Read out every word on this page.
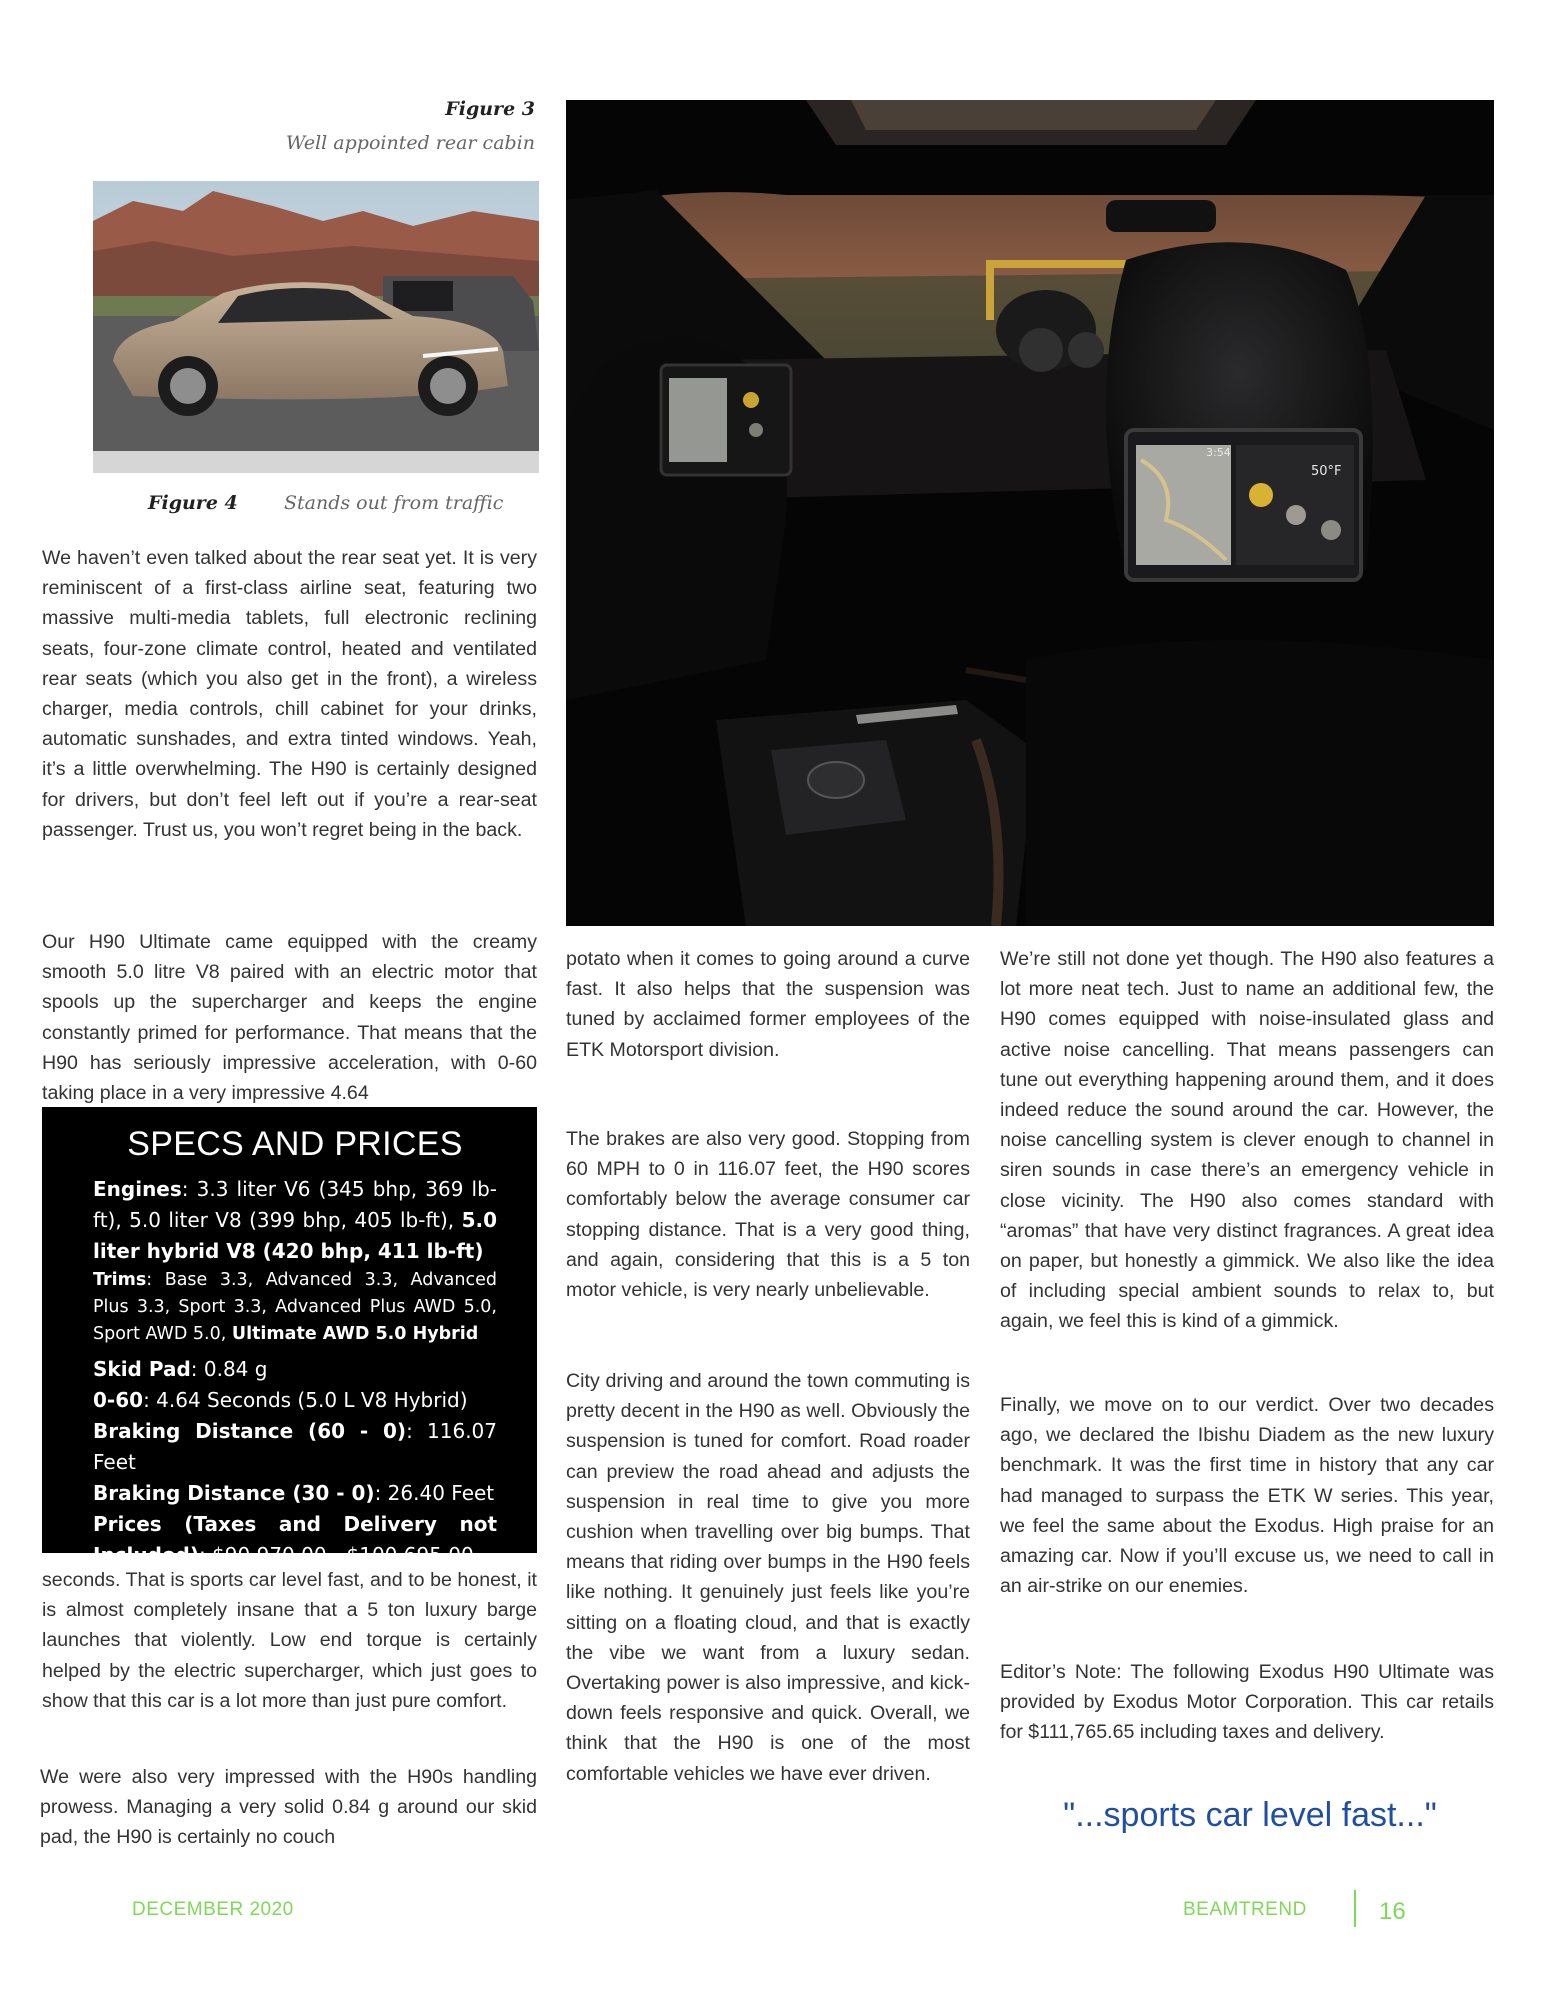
Figure 3
Well appointed rear cabin
50°F
3:54
Figure 4 Stands out from traffic

We haven’t even talked about the rear seat yet. It is very reminiscent of a first-class airline seat, featuring two massive multi-media tablets, full electronic reclining seats, four-zone climate control, heated and ventilated rear seats (which you also get in the front), a wireless charger, media controls, chill cabinet for your drinks, automatic sunshades, and extra tinted windows. Yeah, it’s a little overwhelming. The H90 is certainly designed for drivers, but don’t feel left out if you’re a rear-seat passenger. Trust us, you won’t regret being in the back.

Our H90 Ultimate came equipped with the creamy smooth 5.0 litre V8 paired with an electric motor that spools up the supercharger and keeps the engine constantly primed for performance. That means that the H90 has seriously impressive acceleration, with 0-60 taking place in a very impressive 4.64

SPECS AND PRICES
Engines: 3.3 liter V6 (345 bhp, 369 lb-ft), 5.0 liter V8 (399 bhp, 405 lb-ft), 5.0 liter hybrid V8 (420 bhp, 411 lb-ft)
Trims: Base 3.3, Advanced 3.3, Advanced Plus 3.3, Sport 3.3, Advanced Plus AWD 5.0, Sport AWD 5.0, Ultimate AWD 5.0 Hybrid
Skid Pad: 0.84 g
0-60: 4.64 Seconds (5.0 L V8 Hybrid)
Braking Distance (60 - 0): 116.07 Feet
Braking Distance (30 - 0): 26.40 Feet
Prices (Taxes and Delivery not Included): $90,970.00 - $100,695.00

seconds. That is sports car level fast, and to be honest, it is almost completely insane that a 5 ton luxury barge launches that violently. Low end torque is certainly helped by the electric supercharger, which just goes to show that this car is a lot more than just pure comfort.

We were also very impressed with the H90s handling prowess. Managing a very solid 0.84 g around our skid pad, the H90 is certainly no couch

potato when it comes to going around a curve fast. It also helps that the suspension was tuned by acclaimed former employees of the ETK Motorsport division.

The brakes are also very good. Stopping from 60 MPH to 0 in 116.07 feet, the H90 scores comfortably below the average consumer car stopping distance. That is a very good thing, and again, considering that this is a 5 ton motor vehicle, is very nearly unbelievable.

City driving and around the town commuting is pretty decent in the H90 as well. Obviously the suspension is tuned for comfort. Road roader can preview the road ahead and adjusts the suspension in real time to give you more cushion when travelling over big bumps. That means that riding over bumps in the H90 feels like nothing. It genuinely just feels like you’re sitting on a floating cloud, and that is exactly the vibe we want from a luxury sedan. Overtaking power is also impressive, and kick-down feels responsive and quick. Overall, we think that the H90 is one of the most comfortable vehicles we have ever driven.

We’re still not done yet though. The H90 also features a lot more neat tech. Just to name an additional few, the H90 comes equipped with noise-insulated glass and active noise cancelling. That means passengers can tune out everything happening around them, and it does indeed reduce the sound around the car. However, the noise cancelling system is clever enough to channel in siren sounds in case there’s an emergency vehicle in close vicinity. The H90 also comes standard with “aromas” that have very distinct fragrances. A great idea on paper, but honestly a gimmick. We also like the idea of including special ambient sounds to relax to, but again, we feel this is kind of a gimmick.

Finally, we move on to our verdict. Over two decades ago, we declared the Ibishu Diadem as the new luxury benchmark. It was the first time in history that any car had managed to surpass the ETK W series. This year, we feel the same about the Exodus. High praise for an amazing car. Now if you’ll excuse us, we need to call in an air-strike on our enemies.

Editor’s Note: The following Exodus H90 Ultimate was provided by Exodus Motor Corporation. This car retails for $111,765.65 including taxes and delivery.

"...sports car level fast..."
DECEMBER 2020	BEAMTREND	16
